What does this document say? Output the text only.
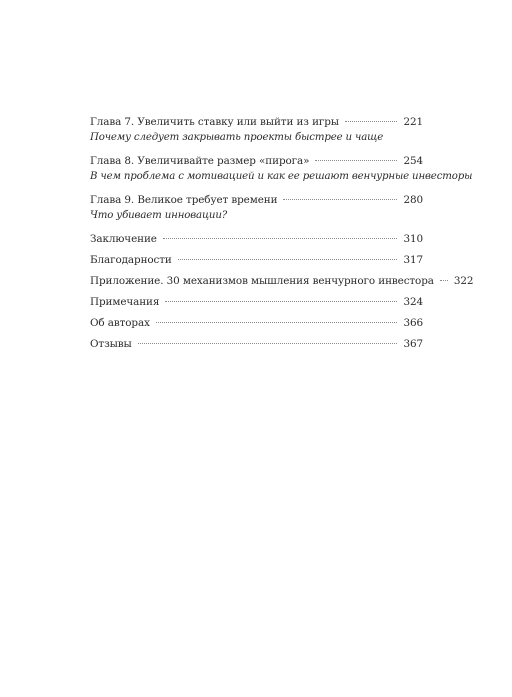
Глава 7. Увеличить ставку или выйти из игры	221
Почему следует закрывать проекты быстрее и чаще
Глава 8. Увеличивайте размер «пирога»	254
В чем проблема с мотивацией и как ее решают венчурные инвесторы
Глава 9. Великое требует времени	280
Что убивает инновации?
Заключение	310
Благодарности	317
Приложение. 30 механизмов мышления венчурного инвестора 322
Примечания	324
Об авторах	366
Отзывы	367
